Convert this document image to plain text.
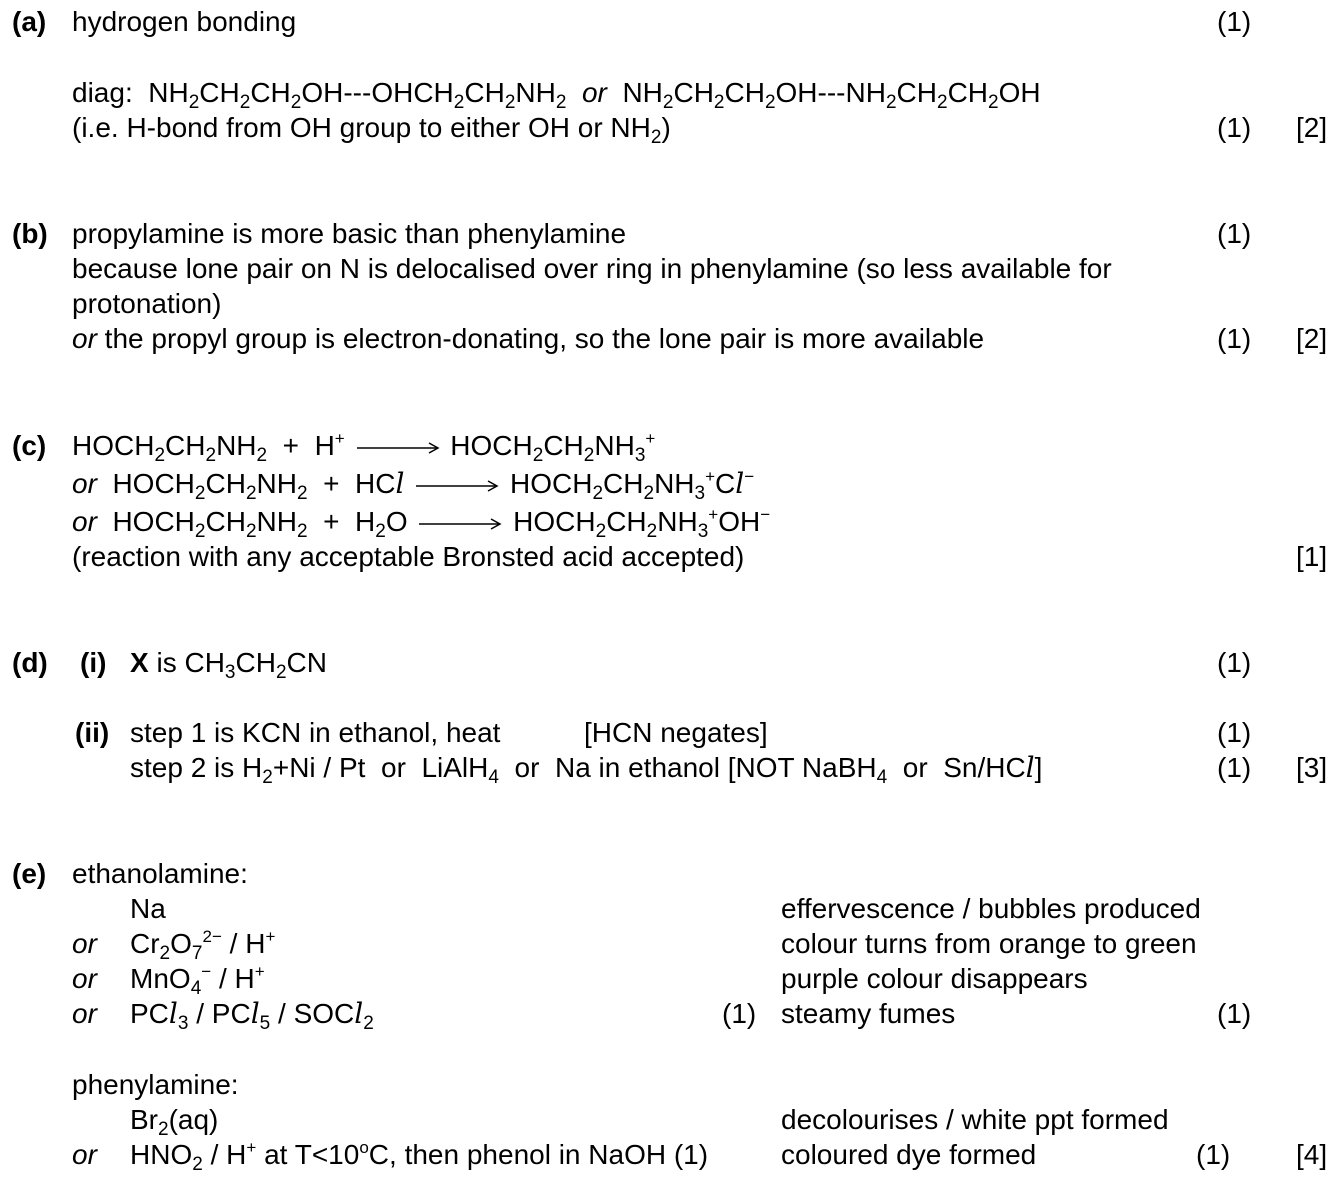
(a) hydrogen bonding	(1)
diag:  $NH_2CH_2CH_2OH---OHCH_2CH_2NH_2$ or  $NH_2CH_2CH_2OH---NH_2CH_2CH_2OH$
(i.e. H-bond from OH group to either OH or $NH_2$)	(1) [2]
(b) propylamine is more basic than phenylamine	(1)
because lone pair on N is delocalised over ring in phenylamine (so less available for
protonation)
or the propyl group is electron-donating, so the lone pair is more available	(1) [2]
(c) $HOCH_2CH_2NH_2 + H^+$ → $HOCH_2CH_2NH_3^+$
or  $HOCH_2CH_2NH_2$  +  HCl → $HOCH_2CH_2NH_3^+Cl^-$
or  $HOCH_2CH_2NH_2 + H_2O$ → $HOCH_2CH_2NH_3^+OH^-$
(reaction with any acceptable Bronsted acid accepted)	[1]
(d) (i) X is $CH_3CH_2CN$	(1)
(ii) step 1 is KCN in ethanol, heat	[HCN negates]	(1)
step 2 is $H_2+Ni / Pt$  or  LiAlH$_4$  or  Na in ethanol [NOT NaBH$_4$  or  Sn/HCl]	(1) [3]
(e) ethanolamine:
Na	effervescence / bubbles produced
or $Cr_2O_7^{2-} / H^+$	colour turns from orange to green
or MnO$_4$− / H+	purple colour disappears
or PCl$_3$ / PCl$_5$ / SOCl$_2$	(1) steamy fumes	(1)
phenylamine:
$Br_2(aq)$	decolourises / white ppt formed
or $HNO_2 / H^+$ at $T<10^oC$, then phenol in NaOH (1)	coloured dye formed	(1) [4]
